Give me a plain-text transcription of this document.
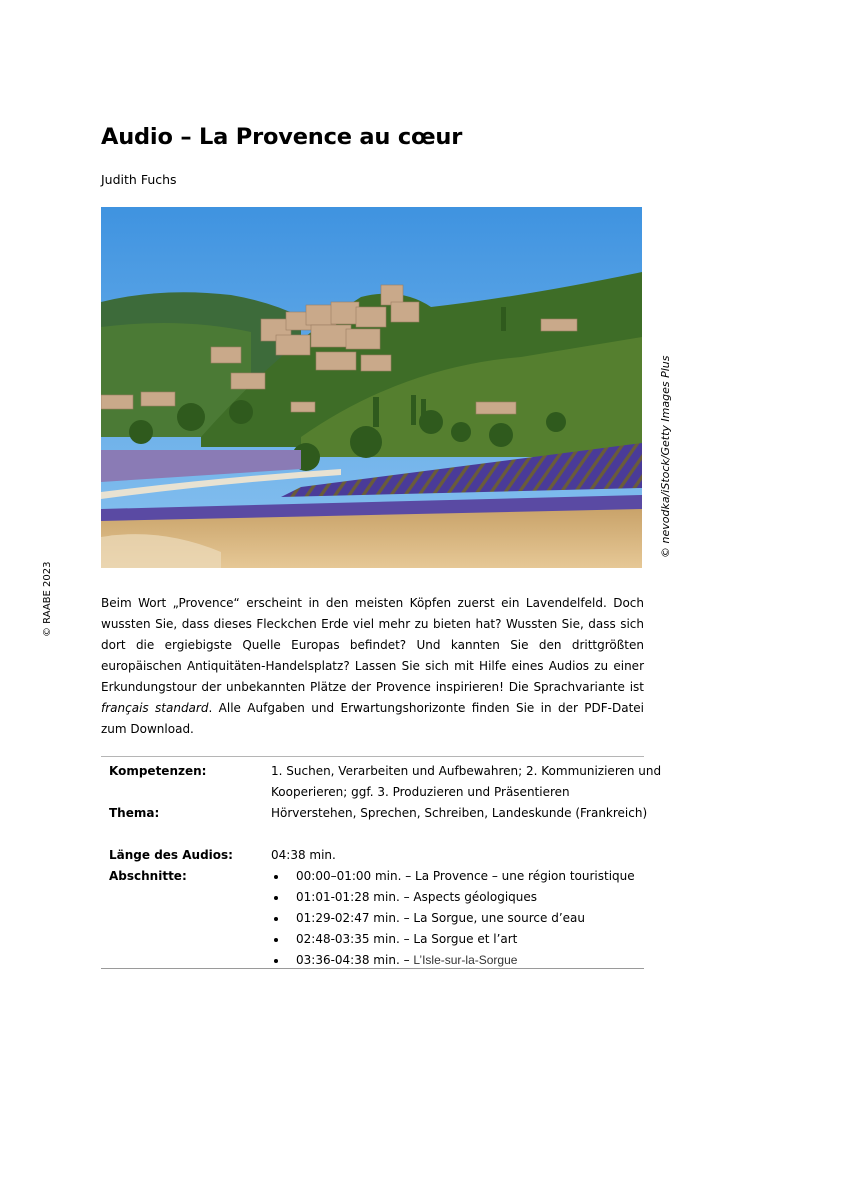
Audio – La Provence au cœur
Judith Fuchs
© nevodka/iStock/Getty Images Plus
© RAABE 2023	Beim Wort „Provence“ erscheint in den meisten Köpfen zuerst ein Lavendelfeld. Doch wussten Sie, dass dieses Fleckchen Erde viel mehr zu bieten hat? Wussten Sie, dass sich dort die ergiebigste Quelle Europas befindet? Und kannten Sie den drittgrößten europäischen Antiquitäten-Handelsplatz? Lassen Sie sich mit Hilfe eines Audios zu einer Erkundungstour der unbekannten Plätze der Provence inspirieren! Die Sprachvariante ist français standard. Alle Aufgaben und Erwartungshorizonte finden Sie in der PDF-Datei zum Download.
Kompetenzen:	1. Suchen, Verarbeiten und Aufbewahren; 2. Kommunizieren und
Kooperieren; ggf. 3. Produzieren und Präsentieren
Thema:	Hörverstehen, Sprechen, Schreiben, Landeskunde (Frankreich)
Länge des Audios:	04:38 min.
Abschnitte:	00:00–01:00 min. – La Provence – une région touristique
01:01-01:28 min. – Aspects géologiques
01:29-02:47 min. – La Sorgue, une source d’eau
02:48-03:35 min. – La Sorgue et l’art
03:36-04:38 min. – L’Isle-sur-la-Sorgue
